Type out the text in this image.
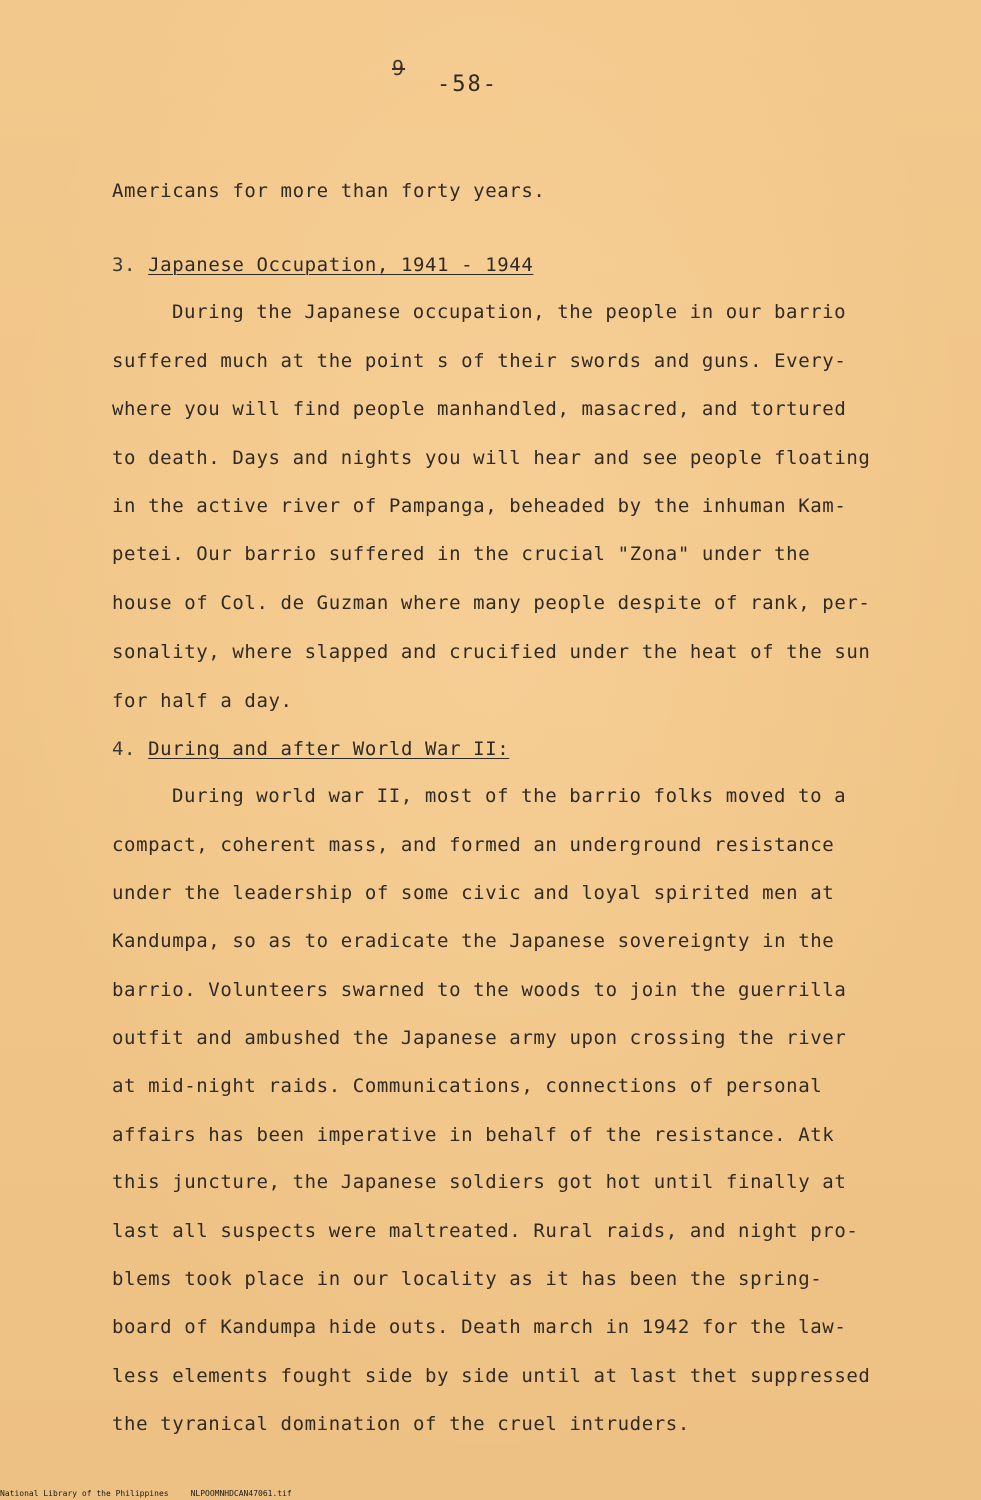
9
-58-
Americans for more than forty years.
3. Japanese Occupation, 1941 - 1944
During the Japanese occupation, the people in our barrio
suffered much at the point s of their swords and guns. Every-
where you will find people manhandled, masacred, and tortured
to death. Days and nights you will hear and see people floating
in the active river of Pampanga, beheaded by the inhuman Kam-
petei. Our barrio suffered in the crucial "Zona" under the
house of Col. de Guzman where many people despite of rank, per-
sonality, where slapped and crucified under the heat of the sun
for half a day.
4. During and after World War II:
During world war II, most of the barrio folks moved to a
compact, coherent mass, and formed an underground resistance
under the leadership of some civic and loyal spirited men at
Kandumpa, so as to eradicate the Japanese sovereignty in the
barrio. Volunteers swarned to the woods to join the guerrilla
outfit and ambushed the Japanese army upon crossing the river
at mid-night raids. Communications, connections of personal
affairs has been imperative in behalf of the resistance. Atk
this juncture, the Japanese soldiers got hot until finally at
last all suspects were maltreated. Rural raids, and night pro-
blems took place in our locality as it has been the spring-
board of Kandumpa hide outs. Death march in 1942 for the law-
less elements fought side by side until at last thet suppressed
the tyranical domination of the cruel intruders.
National Library of the Philippines	NLPOOMNHDCAN47061.tif
